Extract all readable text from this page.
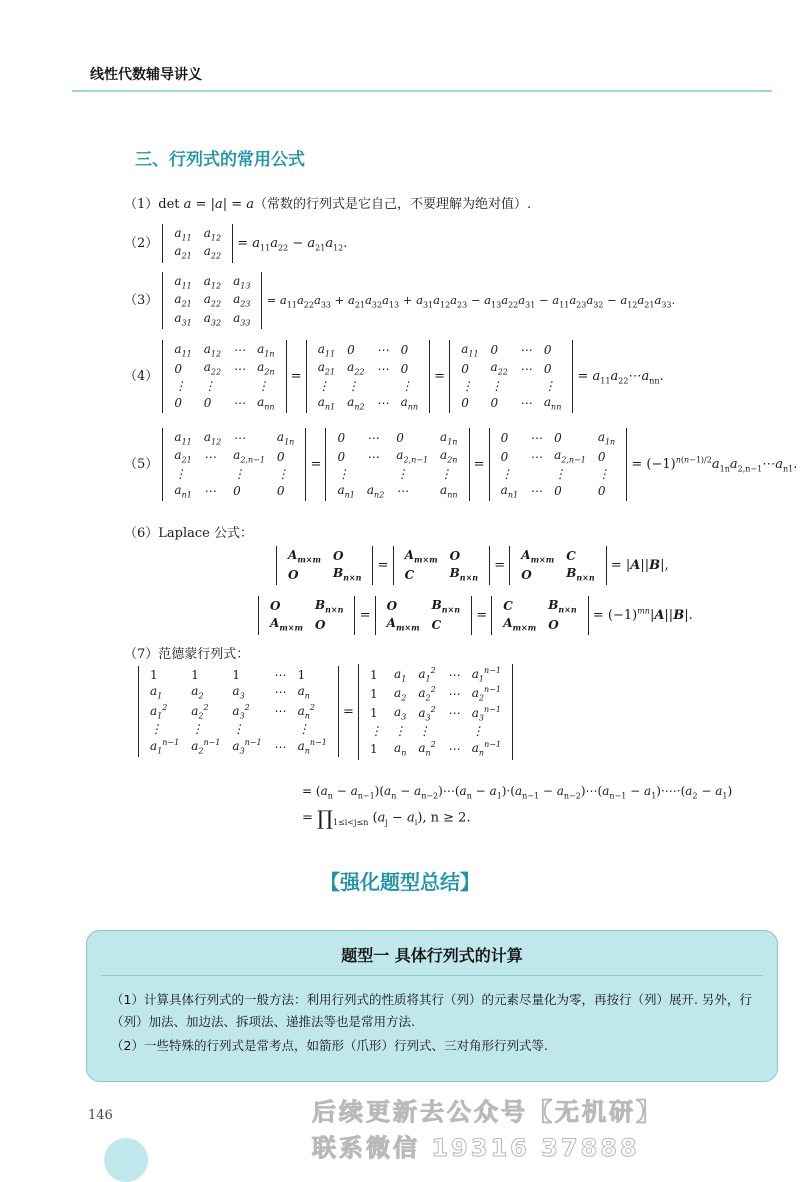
线性代数辅导讲义
三、行列式的常用公式
（1）det a = |a| = a（常数的行列式是它自己，不要理解为绝对值）.
（2）
$a_{11}$	$a_{12}$
$a_{21}$	$a_{22}$
= $a_{11}a_{22} - a_{21}a_{12}$.
（3）
$a_{11}$	$a_{12}$	$a_{13}$
$a_{21}$	$a_{22}$	$a_{23}$
$a_{31}$	$a_{32}$	$a_{33}$
= $a_{11}a_{22}a_{33} + a_{21}a_{32}a_{13} + a_{31}a_{12}a_{23} - a_{13}a_{22}a_{31} - a_{11}a_{23}a_{32} - a_{12}a_{21}a_{33}$.
（4）
$a_{11}$	$a_{12}$	⋯	$a_{1n}$
0	$a_{22}$	⋯	$a_{2n}$
⋮	⋮		⋮
0	0	⋯	$a_{nn}$
=
$a_{11}$	0	⋯	0
$a_{21}$	$a_{22}$	⋯	0
⋮	⋮		⋮
$a_{n1}$	$a_{n2}$	⋯	$a_{nn}$
=
$a_{11}$	0	⋯	0
0	$a_{22}$	⋯	0
⋮	⋮		⋮
0	0	⋯	$a_{nn}$
= $a_{11}a_{22}\cdots a_{nn}$.
（5）
$a_{11}$	$a_{12}$	⋯	$a_{1n}$
$a_{21}$	⋯	$a_{2,n-1}$	0
⋮		⋮	⋮
$a_{n1}$	⋯	0	0
=
0	⋯	0	$a_{1n}$
0	⋯	$a_{2,n-1}$	$a_{2n}$
⋮		⋮	⋮
$a_{n1}$	$a_{n2}$	⋯	$a_{nn}$
=
0	⋯	0	$a_{1n}$
0	⋯	$a_{2,n-1}$	0
⋮		⋮	⋮
$a_{n1}$	⋯	0	0
= $(-1)^{n(n-1)/2}a_{1n}a_{2,n-1}\cdots a_{n1}$.
（6）Laplace 公式：
$A_{m\times m}$	O
O	$B_{n\times n}$
=
$A_{m\times m}$	O
C	$B_{n\times n}$
=
$A_{m\times m}$	C
O	$B_{n\times n}$
= |A||B|,
O	$B_{n\times n}$
$A_{m\times m}$	O
=
O	$B_{n\times n}$
$A_{m\times m}$	C
=
C	$B_{n\times n}$
$A_{m\times m}$	O
= $(-1)^{mn}|A||B|$.
（7）范德蒙行列式：
1	1	1	⋯	1
$a_1$	$a_2$	$a_3$	⋯	$a_n$
$a_1^2$	$a_2^2$	$a_3^2$	⋯	$a_n^2$
⋮	⋮	⋮		⋮
$a_1^{n-1}$	$a_2^{n-1}$	$a_3^{n-1}$	⋯	$a_n^{n-1}$
=
1	$a_1$	$a_1^2$	⋯	$a_1^{n-1}$
1	$a_2$	$a_2^2$	⋯	$a_2^{n-1}$
1	$a_3$	$a_3^2$	⋯	$a_3^{n-1}$
⋮	⋮	⋮		⋮
1	$a_n$	$a_n^2$	⋯	$a_n^{n-1}$
= $(a_n - a_{n-1})(a_n$ − $a_{n-2})\cdots(a_n - a_1)\cdot(a_{n-1}$ − $a_{n-2})\cdots(a_{n-1}$ − $a_1)\cdot\cdots\cdot(a_2 - a_1)$
= $\prod_{1\le i<j\le n}$ $(a_j - a_i)$, n ≥ 2.
【强化题型总结】
题型一 具体行列式的计算
（1）计算具体行列式的一般方法：利用行列式的性质将其行（列）的元素尽量化为零，再按行（列）展开. 另外，行（列）加法、加边法、拆项法、递推法等也是常用方法.
（2）一些特殊的行列式是常考点，如箭形（爪形）行列式、三对角形行列式等.
146	后续更新去公众号【无机研】
联系微信 19316 37888
